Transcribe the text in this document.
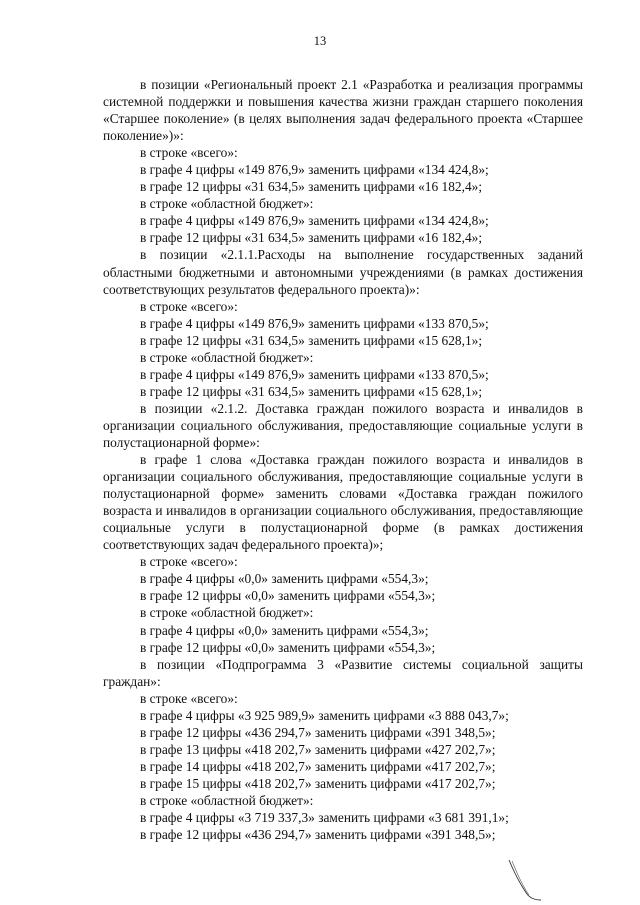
13

в позиции «Региональный проект 2.1 «Разработка и реализация программы системной поддержки и повышения качества жизни граждан старшего поколения «Старшее поколение» (в целях выполнения задач федерального проекта «Старшее поколение»)»:

в строке «всего»:

в графе 4 цифры «149 876,9» заменить цифрами «134 424,8»;

в графе 12 цифры «31 634,5» заменить цифрами «16 182,4»;

в строке «областной бюджет»:

в графе 4 цифры «149 876,9» заменить цифрами «134 424,8»;

в графе 12 цифры «31 634,5» заменить цифрами «16 182,4»;

в позиции «2.1.1.Расходы на выполнение государственных заданий областными бюджетными и автономными учреждениями (в рамках достижения соответствующих результатов федерального проекта)»:

в строке «всего»:

в графе 4 цифры «149 876,9» заменить цифрами «133 870,5»;

в графе 12 цифры «31 634,5» заменить цифрами «15 628,1»;

в строке «областной бюджет»:

в графе 4 цифры «149 876,9» заменить цифрами «133 870,5»;

в графе 12 цифры «31 634,5» заменить цифрами «15 628,1»;

в позиции «2.1.2. Доставка граждан пожилого возраста и инвалидов в организации социального обслуживания, предоставляющие социальные услуги в полустационарной форме»:

в графе 1 слова «Доставка граждан пожилого возраста и инвалидов в организации социального обслуживания, предоставляющие социальные услуги в полустационарной форме» заменить словами «Доставка граждан пожилого возраста и инвалидов в организации социального обслуживания, предоставляющие социальные услуги в полустационарной форме (в рамках достижения соответствующих задач федерального проекта)»;

в строке «всего»:

в графе 4 цифры «0,0» заменить цифрами «554,3»;

в графе 12 цифры «0,0» заменить цифрами «554,3»;

в строке «областной бюджет»:

в графе 4 цифры «0,0» заменить цифрами «554,3»;

в графе 12 цифры «0,0» заменить цифрами «554,3»;

в позиции «Подпрограмма 3 «Развитие системы социальной защиты граждан»:

в строке «всего»:

в графе 4 цифры «3 925 989,9» заменить цифрами «3 888 043,7»;

в графе 12 цифры «436 294,7» заменить цифрами «391 348,5»;

в графе 13 цифры «418 202,7» заменить цифрами «427 202,7»;

в графе 14 цифры «418 202,7» заменить цифрами «417 202,7»;

в графе 15 цифры «418 202,7» заменить цифрами «417 202,7»;

в строке «областной бюджет»:

в графе 4 цифры «3 719 337,3» заменить цифрами «3 681 391,1»;

в графе 12 цифры «436 294,7» заменить цифрами «391 348,5»;
